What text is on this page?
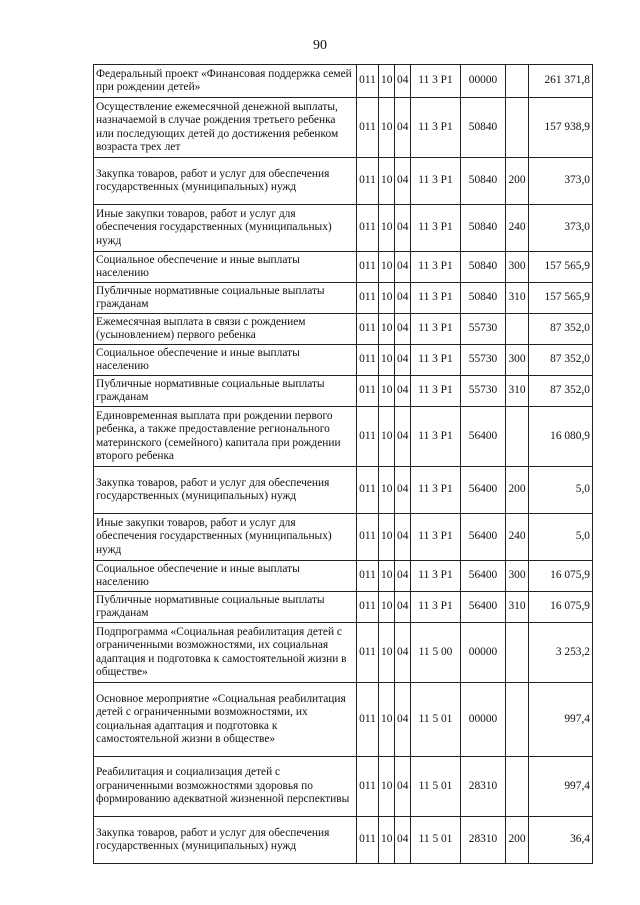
90
Федеральный проект «Финансовая поддержка семей при рождении детей»	011	10	04	11 3 P1	00000		261 371,8
Осуществление ежемесячной денежной выплаты, назначаемой в случае рождения третьего ребенка или последующих детей до достижения ребенком возраста трех лет	011	10	04	11 3 P1	50840		157 938,9
Закупка товаров, работ и услуг для обеспечения государственных (муниципальных) нужд	011	10	04	11 3 P1	50840	200	373,0
Иные закупки товаров, работ и услуг для обеспечения государственных (муниципальных) нужд	011	10	04	11 3 P1	50840	240	373,0
Социальное обеспечение и иные выплаты населению	011	10	04	11 3 P1	50840	300	157 565,9
Публичные нормативные социальные выплаты гражданам	011	10	04	11 3 P1	50840	310	157 565,9
Ежемесячная выплата в связи с рождением (усыновлением) первого ребенка	011	10	04	11 3 P1	55730		87 352,0
Социальное обеспечение и иные выплаты населению	011	10	04	11 3 P1	55730	300	87 352,0
Публичные нормативные социальные выплаты гражданам	011	10	04	11 3 P1	55730	310	87 352,0
Единовременная выплата при рождении первого ребенка, а также предоставление регионального материнского (семейного) капитала при рождении второго ребенка	011	10	04	11 3 P1	56400		16 080,9
Закупка товаров, работ и услуг для обеспечения государственных (муниципальных) нужд	011	10	04	11 3 P1	56400	200	5,0
Иные закупки товаров, работ и услуг для обеспечения государственных (муниципальных) нужд	011	10	04	11 3 P1	56400	240	5,0
Социальное обеспечение и иные выплаты населению	011	10	04	11 3 P1	56400	300	16 075,9
Публичные нормативные социальные выплаты гражданам	011	10	04	11 3 P1	56400	310	16 075,9
Подпрограмма «Социальная реабилитация детей с ограниченными возможностями, их социальная адаптация и подготовка к самостоятельной жизни в обществе»	011	10	04	11 5 00	00000		3 253,2
Основное мероприятие «Социальная реабилитация детей с ограниченными возможностями, их социальная адаптация и подготовка к самостоятельной жизни в обществе»	011	10	04	11 5 01	00000		997,4
Реабилитация и социализация детей с ограниченными возможностями здоровья по формированию адекватной жизненной перспективы	011	10	04	11 5 01	28310		997,4
Закупка товаров, работ и услуг для обеспечения государственных (муниципальных) нужд	011	10	04	11 5 01	28310	200	36,4
